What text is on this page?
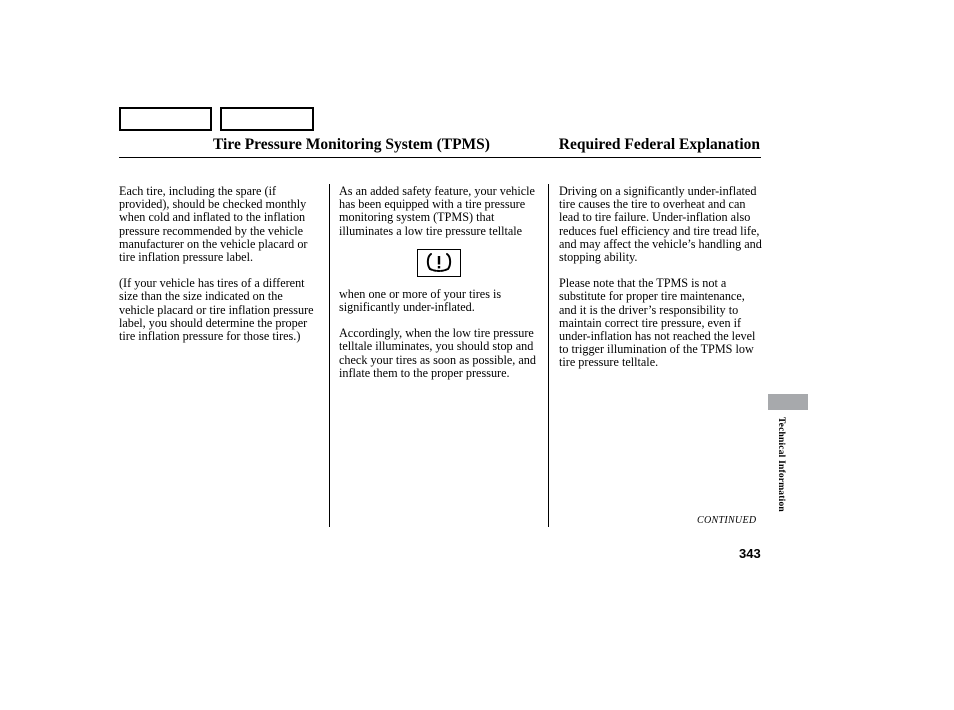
Tire Pressure Monitoring System (TPMS)	Required Federal Explanation

Each tire, including the spare (if provided), should be checked monthly when cold and inflated to the inflation pressure recommended by the vehicle manufacturer on the vehicle placard or tire inflation pressure label.

(If your vehicle has tires of a different size than the size indicated on the vehicle placard or tire inflation pressure label, you should determine the proper tire inflation pressure for those tires.)

As an added safety feature, your vehicle has been equipped with a tire pressure monitoring system (TPMS) that illuminates a low tire pressure telltale

when one or more of your tires is significantly under-inflated.

Accordingly, when the low tire pressure telltale illuminates, you should stop and check your tires as soon as possible, and inflate them to the proper pressure.

Driving on a significantly under-inflated tire causes the tire to overheat and can lead to tire failure. Under-inflation also reduces fuel efficiency and tire tread life, and may affect the vehicle’s handling and stopping ability.

Please note that the TPMS is not a substitute for proper tire maintenance, and it is the driver’s responsibility to maintain correct tire pressure, even if under-inflation has not reached the level to trigger illumination of the TPMS low tire pressure telltale.

Technical Information
CONTINUED
343
